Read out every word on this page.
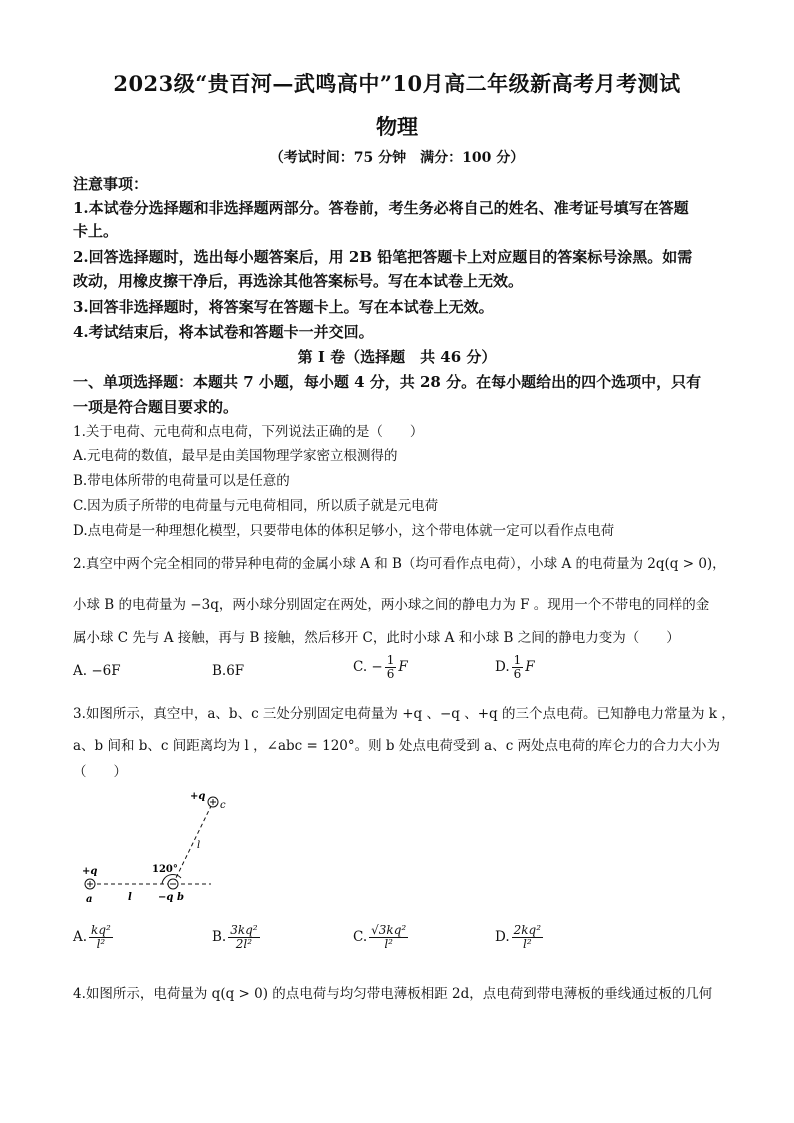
2023级“贵百河—武鸣高中”10月高二年级新高考月考测试
物理
（考试时间：75 分钟　满分：100 分）
注意事项：
1.本试卷分选择题和非选择题两部分。答卷前，考生务必将自己的姓名、准考证号填写在答题
卡上。
2.回答选择题时，选出每小题答案后，用 2B 铅笔把答题卡上对应题目的答案标号涂黑。如需
改动，用橡皮擦干净后，再选涂其他答案标号。写在本试卷上无效。
3.回答非选择题时，将答案写在答题卡上。写在本试卷上无效。
4.考试结束后，将本试卷和答题卡一并交回。
第 I 卷（选择题　共 46 分）
一、单项选择题：本题共 7 小题，每小题 4 分，共 28 分。在每小题给出的四个选项中，只有
一项是符合题目要求的。
1.关于电荷、元电荷和点电荷，下列说法正确的是（　　）
A.元电荷的数值，最早是由美国物理学家密立根测得的
B.带电体所带的电荷量可以是任意的
C.因为质子所带的电荷量与元电荷相同，所以质子就是元电荷
D.点电荷是一种理想化模型，只要带电体的体积足够小，这个带电体就一定可以看作点电荷
2.真空中两个完全相同的带异种电荷的金属小球 A 和 B（均可看作点电荷），小球 A 的电荷量为 2q(q > 0)，
小球 B 的电荷量为 −3q，两小球分别固定在两处，两小球之间的静电力为 F 。现用一个不带电的同样的金
属小球 C 先与 A 接触，再与 B 接触，然后移开 C，此时小球 A 和小球 B 之间的静电力变为（　　）
A. −6F	B.6F	C. − $\frac{1}{6}$ F	D. $\frac{1}{6}$ F
3.如图所示，真空中，a、b、c 三处分别固定电荷量为 +q 、−q 、+q 的三个点电荷。已知静电力常量为 k ，
a、b 间和 b、c 间距离均为 l ，∠abc = 120°。则 b 处点电荷受到 a、c 两处点电荷的库仑力的合力大小为
（　　）
+q
c
l
120°
+q
a	l	−q b
A. $\frac{\text{kq²}}{\text{l²}}$	B. $\frac{\text{3kq²}}{\text{2l²}}$	C. $\frac{\text{√3kq²}}{\text{l²}}$	D. $\frac{\text{2kq²}}{\text{l²}}$
4.如图所示，电荷量为 q(q > 0) 的点电荷与均匀带电薄板相距 2d，点电荷到带电薄板的垂线通过板的几何
